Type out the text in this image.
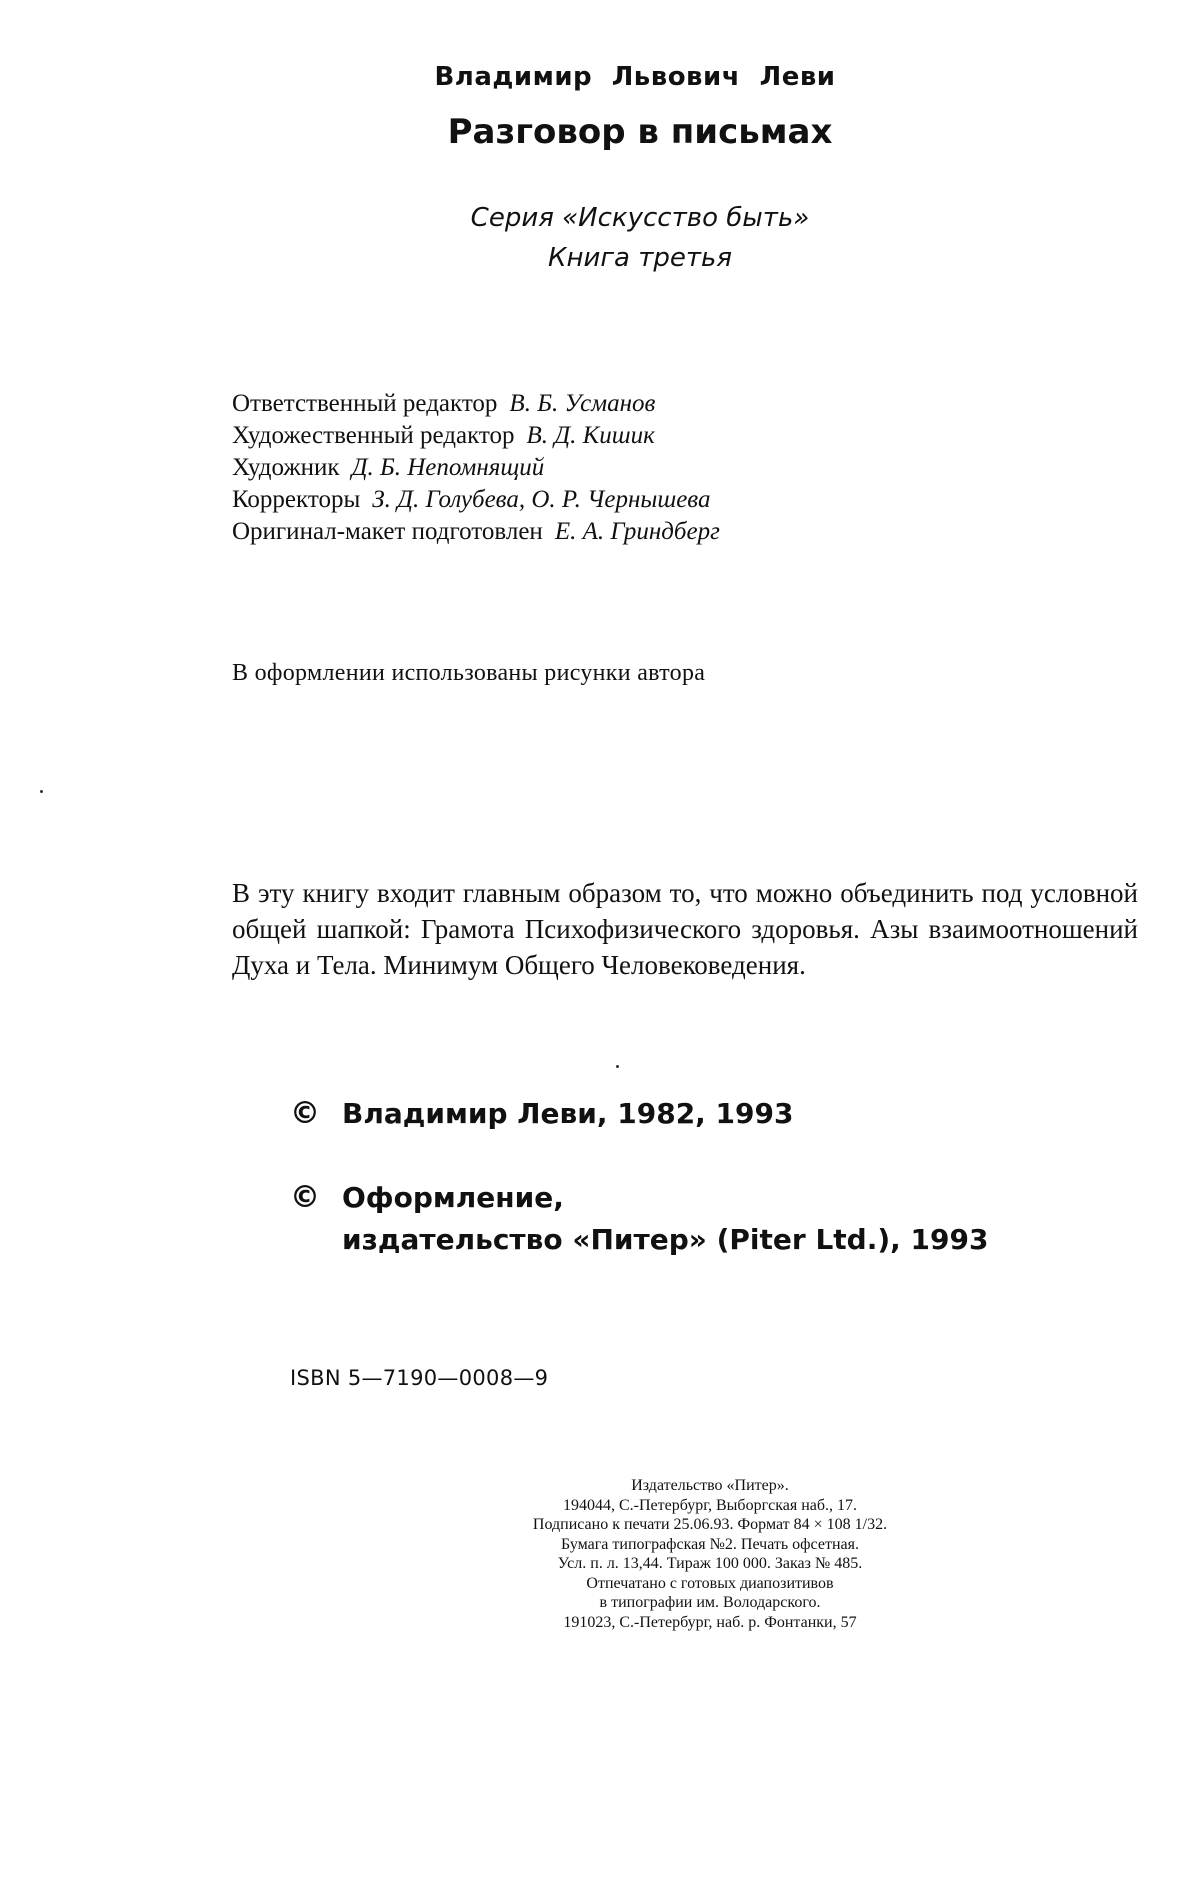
Владимир Львович Леви
Разговор в письмах
Серия «Искусство быть»
Книга третья
Ответственный редактор В. Б. Усманов
Художественный редактор В. Д. Кишик
Художник Д. Б. Непомнящий
Корректоры З. Д. Голубева, О. Р. Чернышева
Оригинал-макет подготовлен Е. А. Гриндберг
В оформлении использованы рисунки автора
В эту книгу входит главным образом то, что можно объединить под условной общей шапкой: Грамота Психофизического здоровья. Азы взаимоотношений Духа и Тела. Минимум Общего Человековедения.
© Владимир Леви, 1982, 1993
© Оформление,
издательство «Питер» (Piter Ltd.), 1993
ISBN 5—7190—0008—9
Издательство «Питер».
194044, С.-Петербург, Выборгская наб., 17.
Подписано к печати 25.06.93. Формат 84 × 108 1/32.
Бумага типографская №2. Печать офсетная.
Усл. п. л. 13,44. Тираж 100 000. Заказ № 485.
Отпечатано с готовых диапозитивов
в типографии им. Володарского.
191023, С.-Петербург, наб. р. Фонтанки, 57
